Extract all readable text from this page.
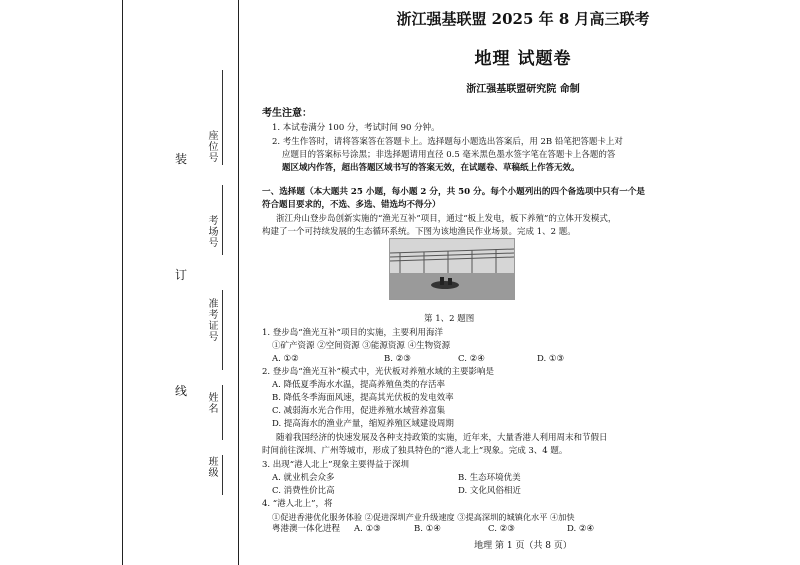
装
订
线
座位号
考场号
准考证号
姓名
班级
浙江强基联盟 2025 年 8 月高三联考
地理 试题卷
浙江强基联盟研究院 命制
考生注意：
1. 本试卷满分 100 分，考试时间 90 分钟。
2. 考生作答时，请将答案答在答题卡上。选择题每小题选出答案后，用 2B 铅笔把答题卡上对
应题目的答案标号涂黑；非选择题请用直径 0.5 毫米黑色墨水签字笔在答题卡上各题的答
题区域内作答，超出答题区域书写的答案无效，在试题卷、草稿纸上作答无效。
一、选择题（本大题共 25 小题，每小题 2 分，共 50 分。每个小题列出的四个备选项中只有一个是
符合题目要求的，不选、多选、错选均不得分）
浙江舟山登步岛创新实施的“渔光互补”项目，通过“板上发电，板下养殖”的立体开发模式，
构建了一个可持续发展的生态循环系统。下图为该地渔民作业场景。完成 1、2 题。
第 1、2 题图
1. 登步岛“渔光互补”项目的实施，主要利用海洋
①矿产资源 ②空间资源 ③能源资源 ④生物资源
A. ①②	B. ②③	C. ②④	D. ①③
2. 登步岛“渔光互补”模式中，光伏板对养殖水域的主要影响是
A. 降低夏季海水水温，提高养殖鱼类的存活率
B. 降低冬季海面风速，提高其光伏板的发电效率
C. 减弱海水光合作用，促进养殖水域营养富集
D. 提高海水的渔业产量，缩短养殖区域建设周期
随着我国经济的快速发展及各种支持政策的实施，近年来，大量香港人利用周末和节假日
时间前往深圳、广州等城市，形成了独具特色的“港人北上”现象。完成 3、4 题。
3. 出现“港人北上”现象主要得益于深圳
A. 就业机会众多	B. 生态环境优美
C. 消费性价比高	D. 文化风俗相近
4. “港人北上”，将
①促进香港优化服务体验 ②促进深圳产业升级速度 ③提高深圳的城镇化水平 ④加快
粤港澳一体化进程 A. ①③	B. ①④	C. ②③	D. ②④
地理 第 1 页（共 8 页）
